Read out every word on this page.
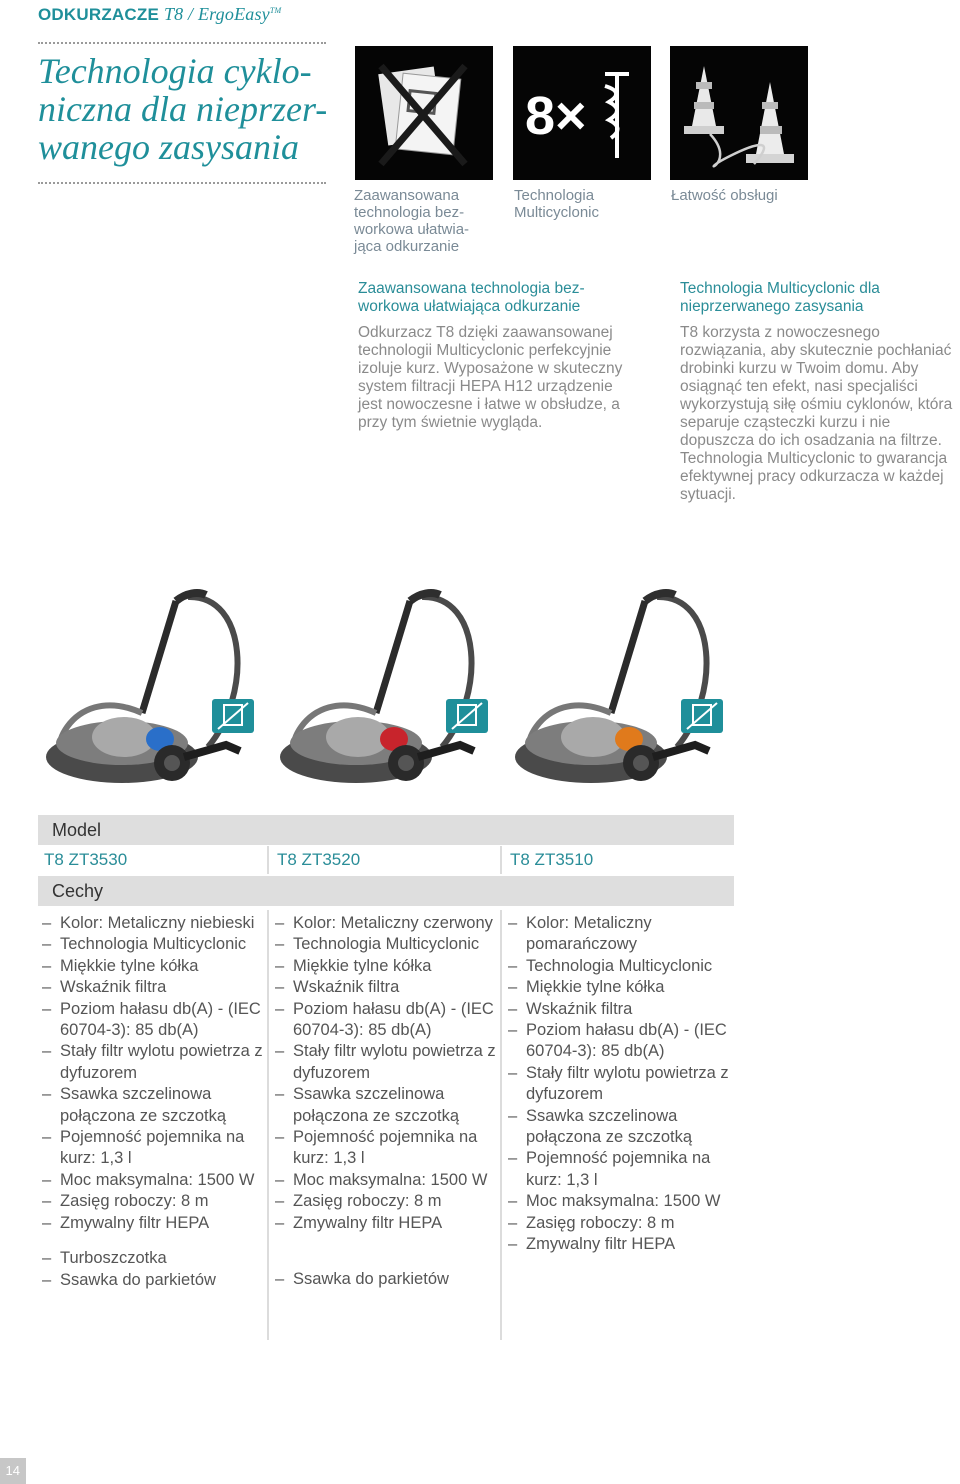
ODKURZACZE T8 / ErgoEasy™
Technologia cyklo-niczna dla nieprzer-wanego zasysania
8×
Zaawansowana technologia bez-workowa ułatwia-jąca odkurzanie
Technologia Multicyclonic
Łatwość obsługi
Zaawansowana technologia bez-workowa ułatwiająca odkurzanie
Odkurzacz T8 dzięki zaawansowanej technologii Multicyclonic perfekcyjnie izoluje kurz. Wyposażone w skuteczny system filtracji HEPA H12 urządzenie jest nowoczesne i łatwe w obsłudze, a przy tym świetnie wygląda.
Technologia Multicyclonic dla nieprzerwanego zasysania
T8 korzysta z nowoczesnego rozwiązania, aby skutecznie pochłaniać drobinki kurzu w Twoim domu. Aby osiągnąć ten efekt, nasi specjaliści wykorzystują siłę ośmiu cyklonów, która separuje cząsteczki kurzu i nie dopuszcza do ich osadzania na filtrze. Technologia Multicyclonic to gwarancja efektywnej pracy odkurzacza w każdej sytuacji.
Model
T8 ZT3530	T8 ZT3520	T8 ZT3510
Cechy
– Kolor: Metaliczny niebieski
– Technologia Multicyclonic
– Miękkie tylne kółka
– Wskaźnik filtra
– Poziom hałasu db(A) - (IEC 60704-3): 85 db(A)
– Stały filtr wylotu powietrza z dyfuzorem
– Ssawka szczelinowa połączona ze szczotką
– Pojemność pojemnika na kurz: 1,3 l
– Moc maksymalna: 1500 W
– Zasięg roboczy: 8 m
– Zmywalny filtr HEPA
– Turboszczotka
– Ssawka do parkietów
– Kolor: Metaliczny czerwony
– Technologia Multicyclonic
– Miękkie tylne kółka
– Wskaźnik filtra
– Poziom hałasu db(A) - (IEC 60704-3): 85 db(A)
– Stały filtr wylotu powietrza z dyfuzorem
– Ssawka szczelinowa połączona ze szczotką
– Pojemność pojemnika na kurz: 1,3 l
– Moc maksymalna: 1500 W
– Zasięg roboczy: 8 m
– Zmywalny filtr HEPA
– Ssawka do parkietów
– Kolor: Metaliczny pomarańczowy
– Technologia Multicyclonic
– Miękkie tylne kółka
– Wskaźnik filtra
– Poziom hałasu db(A) - (IEC 60704-3): 85 db(A)
– Stały filtr wylotu powietrza z dyfuzorem
– Ssawka szczelinowa połączona ze szczotką
– Pojemność pojemnika na kurz: 1,3 l
– Moc maksymalna: 1500 W
– Zasięg roboczy: 8 m
– Zmywalny filtr HEPA
14
